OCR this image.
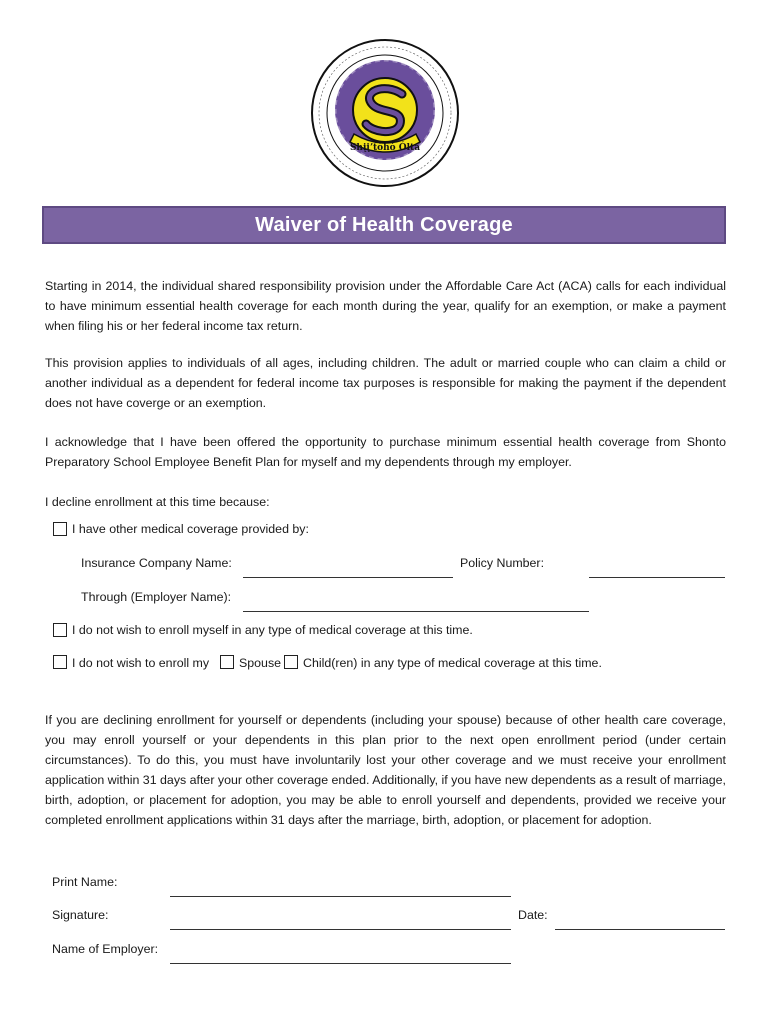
Shįįʼtóhó Ólta
Waiver of Health Coverage

Starting in 2014, the individual shared responsibility provision under the Affordable Care Act (ACA) calls for each individual to have minimum essential health coverage for each month during the year, qualify for an exemption, or make a payment when filing his or her federal income tax return.

This provision applies to individuals of all ages, including children. The adult or married couple who can claim a child or another individual as a dependent for federal income tax purposes is responsible for making the payment if the dependent does not have coverge or an exemption.

I acknowledge that I have been offered the opportunity to purchase minimum essential health coverage from Shonto Preparatory School Employee Benefit Plan for myself and my dependents through my employer.

I decline enrollment at this time because:
I have other medical coverage provided by:
Insurance Company Name:	Policy Number:
Through (Employer Name):
I do not wish to enroll myself in any type of medical coverage at this time.
I do not wish to enroll my Spouse Child(ren) in any type of medical coverage at this time.

If you are declining enrollment for yourself or dependents (including your spouse) because of other health care coverage, you may enroll yourself or your dependents in this plan prior to the next open enrollment period (under certain circumstances). To do this, you must have involuntarily lost your other coverage and we must receive your enrollment application within 31 days after your other coverage ended. Additionally, if you have new dependents as a result of marriage, birth, adoption, or placement for adoption, you may be able to enroll yourself and dependents, provided we receive your completed enrollment applications within 31 days after the marriage, birth, adoption, or placement for adoption.

Print Name:
Signature:	Date:
Name of Employer:
